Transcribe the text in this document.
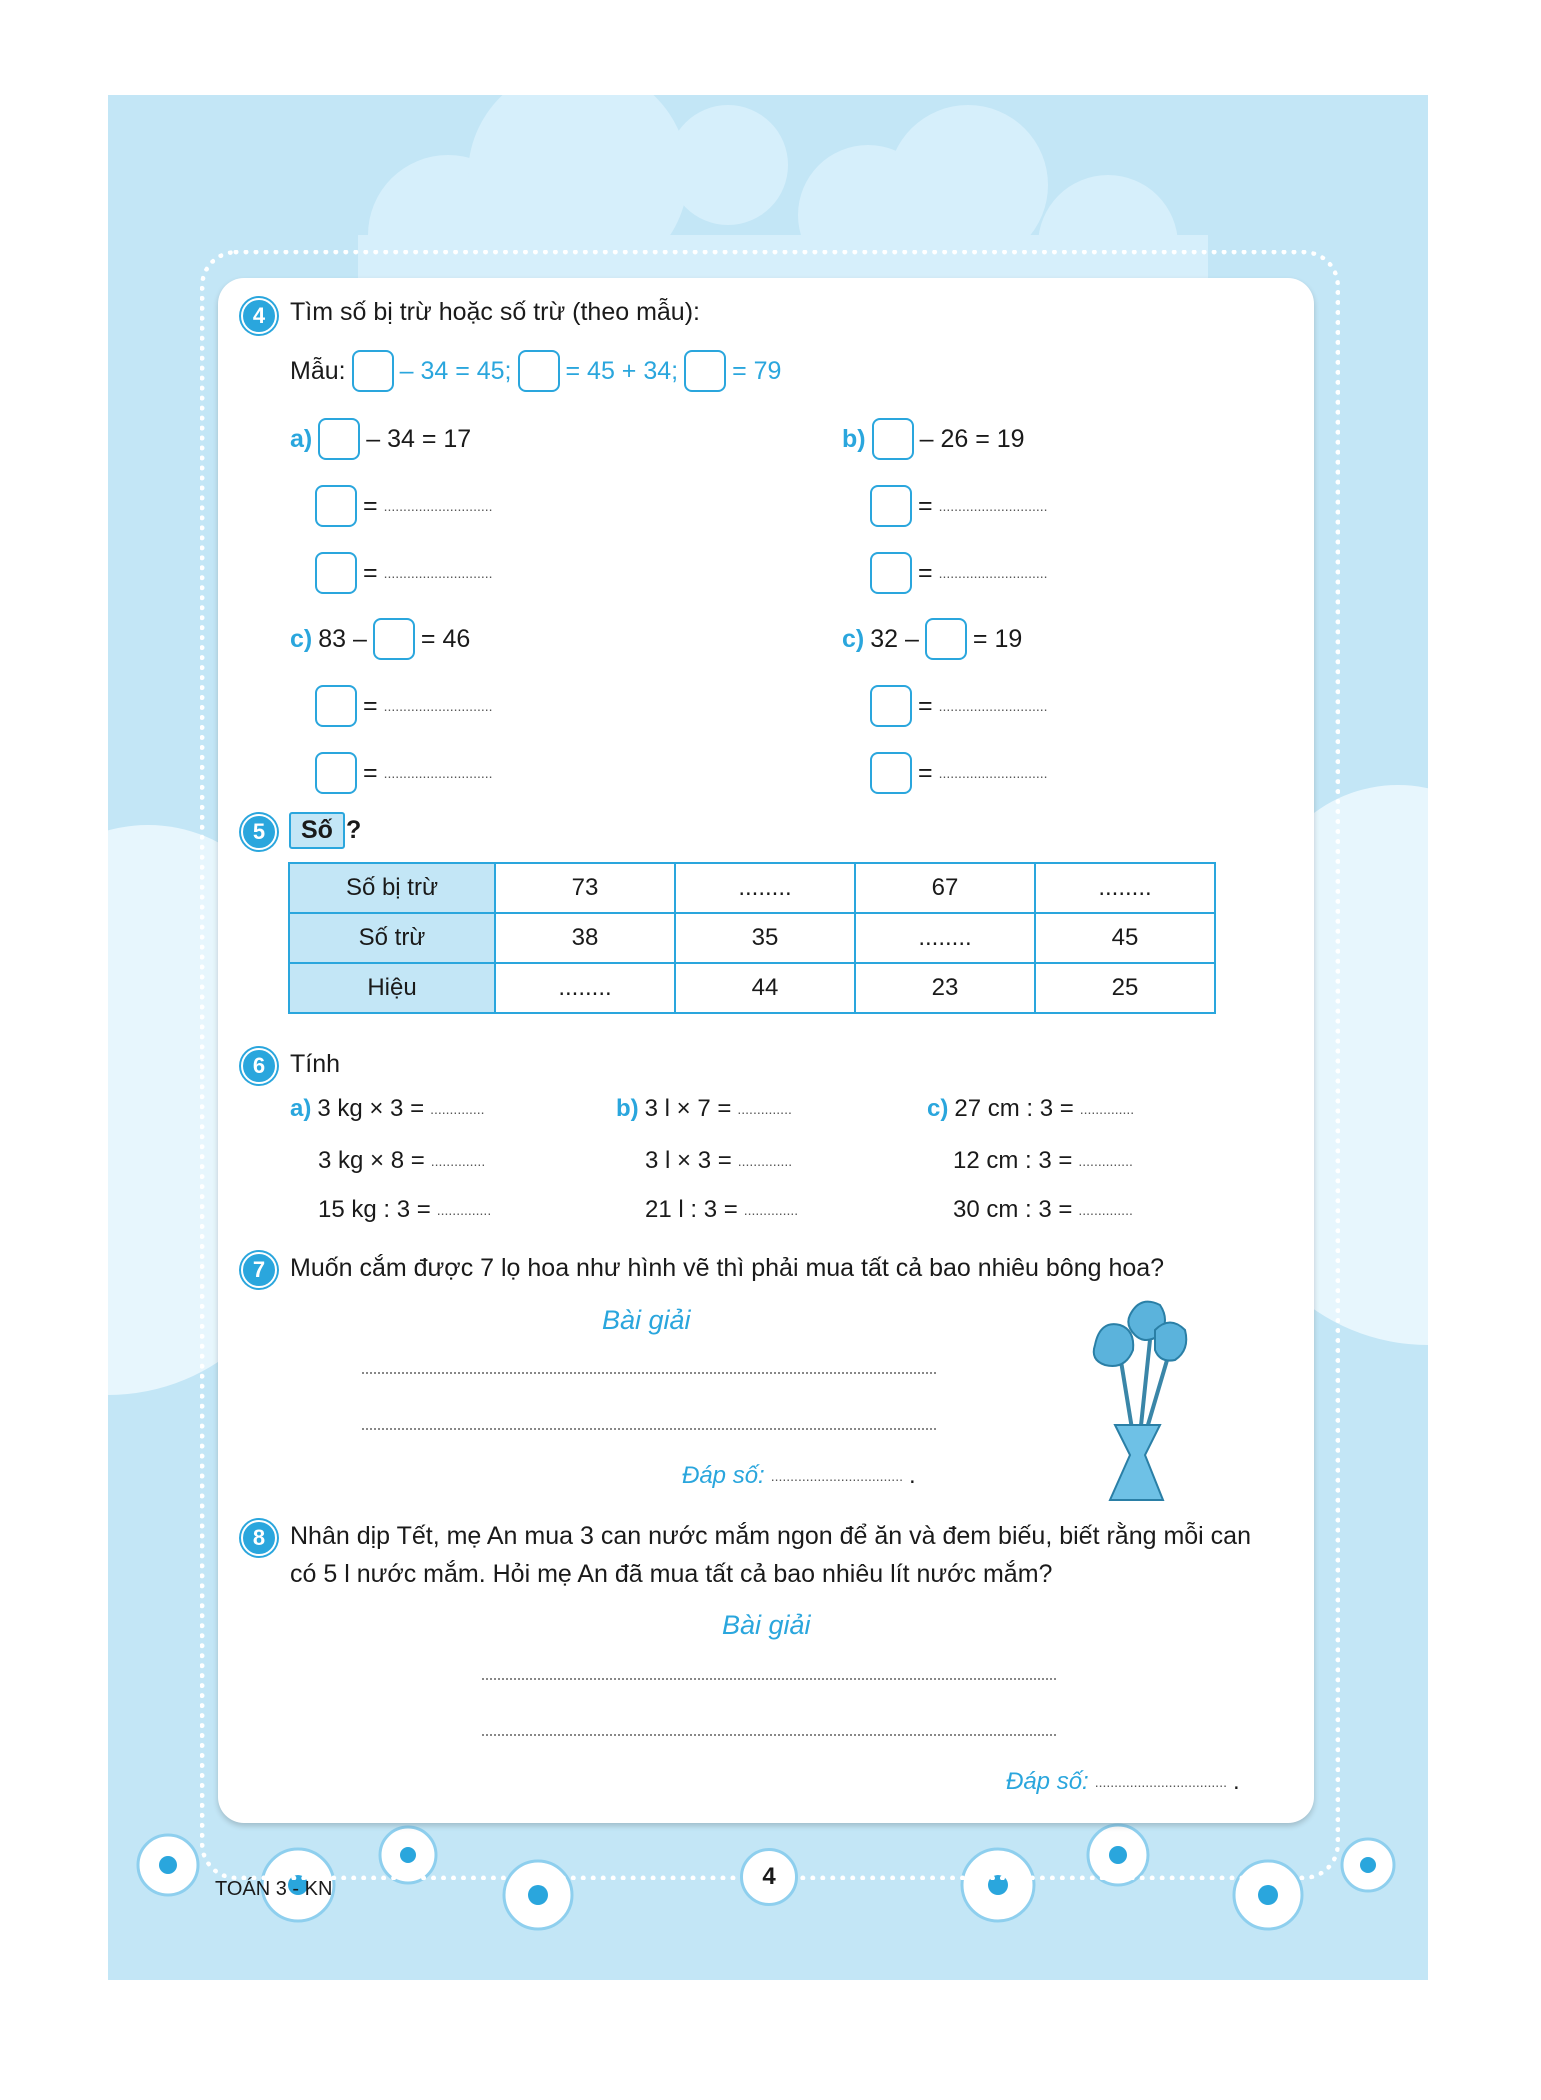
4 Tìm số bị trừ hoặc số trừ (theo mẫu):
Mẫu: – 34 = 45; = 45 + 34; = 79
a) – 34 = 17
= ............................
= ............................
b) – 26 = 19
= ............................
= ............................
c) 83 – = 46
= ............................
= ............................
c) 32 – = 19
= ............................
= ............................
5	Số ?
Số bị trừ	73	........	67	........
Số trừ	38	35	........	45
Hiệu	........	44	23	25
6 Tính
a) 3 kg × 3 = ..............
3 kg × 8 = ..............
15 kg : 3 = ..............
b) 3 l × 7 = ..............
3 l × 3 = ..............
21 l : 3 = ..............
c) 27 cm : 3 = ..............
12 cm : 3 = ..............
30 cm : 3 = ..............
7 Muốn cắm được 7 lọ hoa như hình vẽ thì phải mua tất cả bao nhiêu bông hoa?
Bài giải
Đáp số: .................................. .
8 Nhân dịp Tết, mẹ An mua 3 can nước mắm ngon để ăn và đem biếu, biết rằng mỗi can
có 5 l nước mắm. Hỏi mẹ An đã mua tất cả bao nhiêu lít nước mắm?
Bài giải
Đáp số: .................................. .
TOÁN 3 - KN	4
